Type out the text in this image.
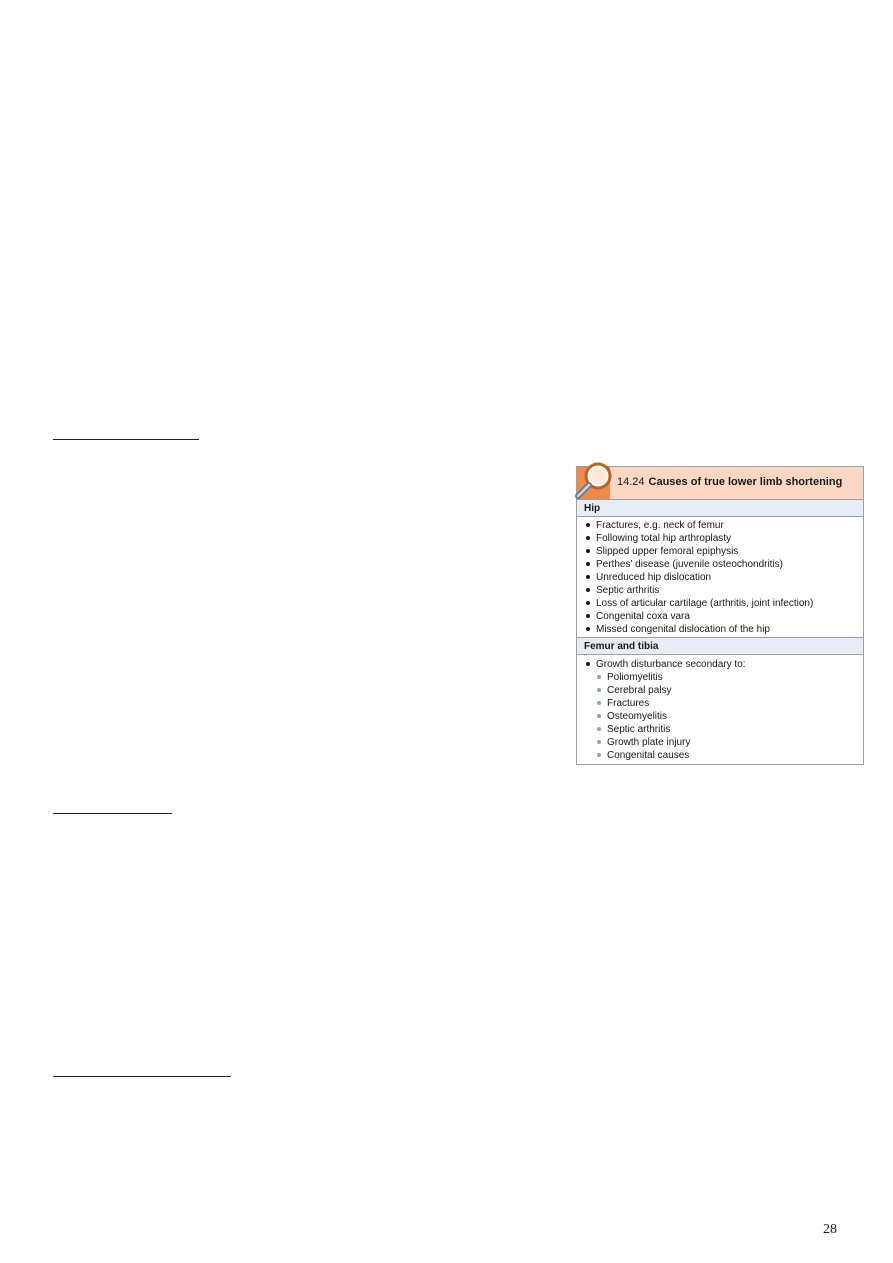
14.24 Causes of true lower limb shortening
Hip
Fractures, e.g. neck of femur
Following total hip arthroplasty
Slipped upper femoral epiphysis
Perthes' disease (juvenile osteochondritis)
Unreduced hip dislocation
Septic arthritis
Loss of articular cartilage (arthritis, joint infection)
Congenital coxa vara
Missed congenital dislocation of the hip
Femur and tibia
Growth disturbance secondary to:
Poliomyelitis
Cerebral palsy
Fractures
Osteomyelitis
Septic arthritis
Growth plate injury
Congenital causes
28
